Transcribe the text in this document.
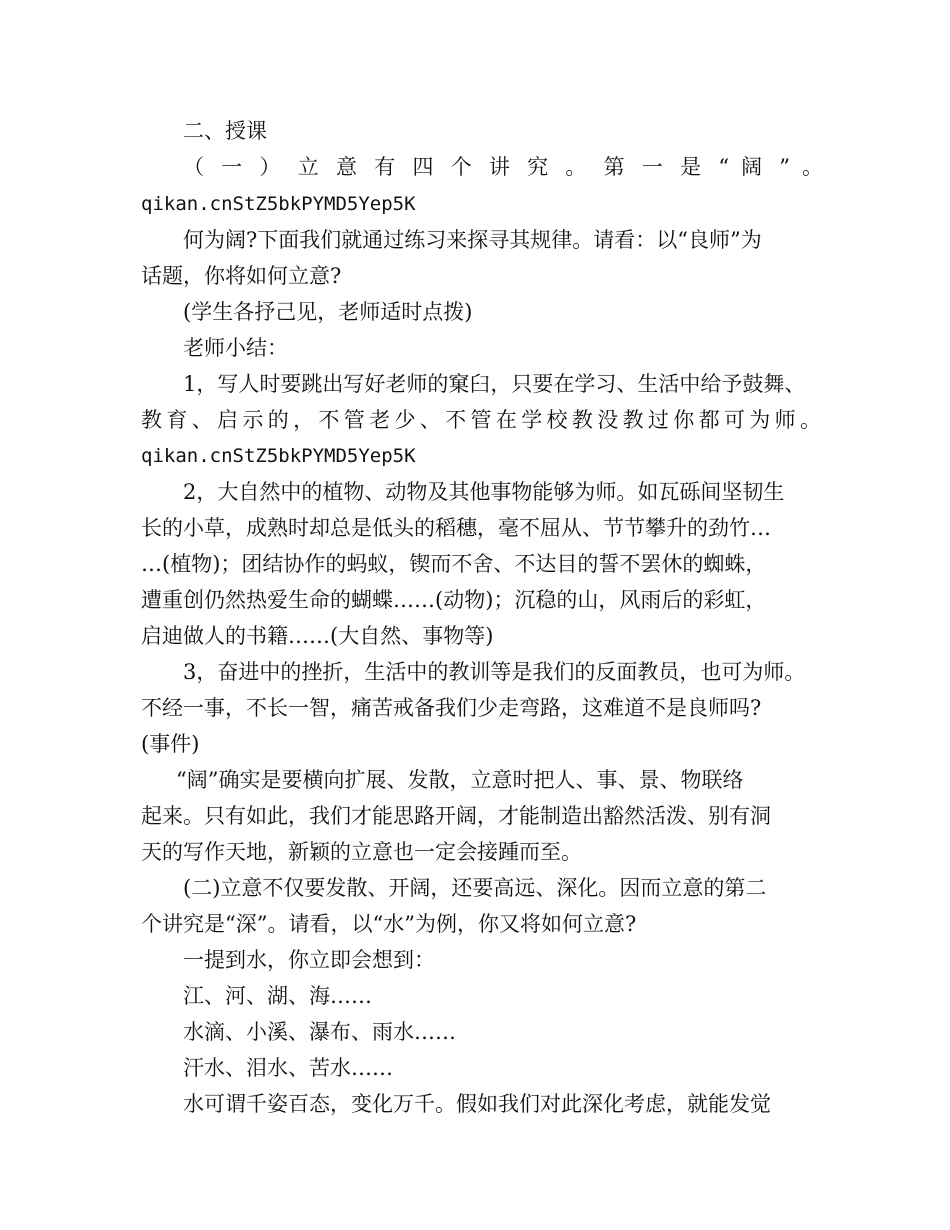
二、授课
（ 一 ） 立 意 有 四 个 讲 究 。 第 一 是 “ 阔 ” 。
qikan.cnStZ5bkPYMD5Yep5K
何为阔?下面我们就通过练习来探寻其规律。请看：以“良师”为
话题，你将如何立意?
(学生各抒己见，老师适时点拨)
老师小结：
1，写人时要跳出写好老师的窠臼，只要在学习、生活中给予鼓舞、
教育、启示的，不管老少、不管在学校教没教过你都可为师。
qikan.cnStZ5bkPYMD5Yep5K
2，大自然中的植物、动物及其他事物能够为师。如瓦砾间坚韧生
长的小草，成熟时却总是低头的稻穗，毫不屈从、节节攀升的劲竹…
…(植物)；团结协作的蚂蚁，锲而不舍、不达目的誓不罢休的蜘蛛，
遭重创仍然热爱生命的蝴蝶……(动物)；沉稳的山，风雨后的彩虹，
启迪做人的书籍……(大自然、事物等)
3，奋进中的挫折，生活中的教训等是我们的反面教员，也可为师。
不经一事，不长一智，痛苦戒备我们少走弯路，这难道不是良师吗?
(事件)
“阔”确实是要横向扩展、发散，立意时把人、事、景、物联络
起来。只有如此，我们才能思路开阔，才能制造出豁然活泼、别有洞
天的写作天地，新颖的立意也一定会接踵而至。
(二)立意不仅要发散、开阔，还要高远、深化。因而立意的第二
个讲究是“深”。请看，以“水”为例，你又将如何立意?
一提到水，你立即会想到：
江、河、湖、海……
水滴、小溪、瀑布、雨水……
汗水、泪水、苦水……
水可谓千姿百态，变化万千。假如我们对此深化考虑，就能发觉
